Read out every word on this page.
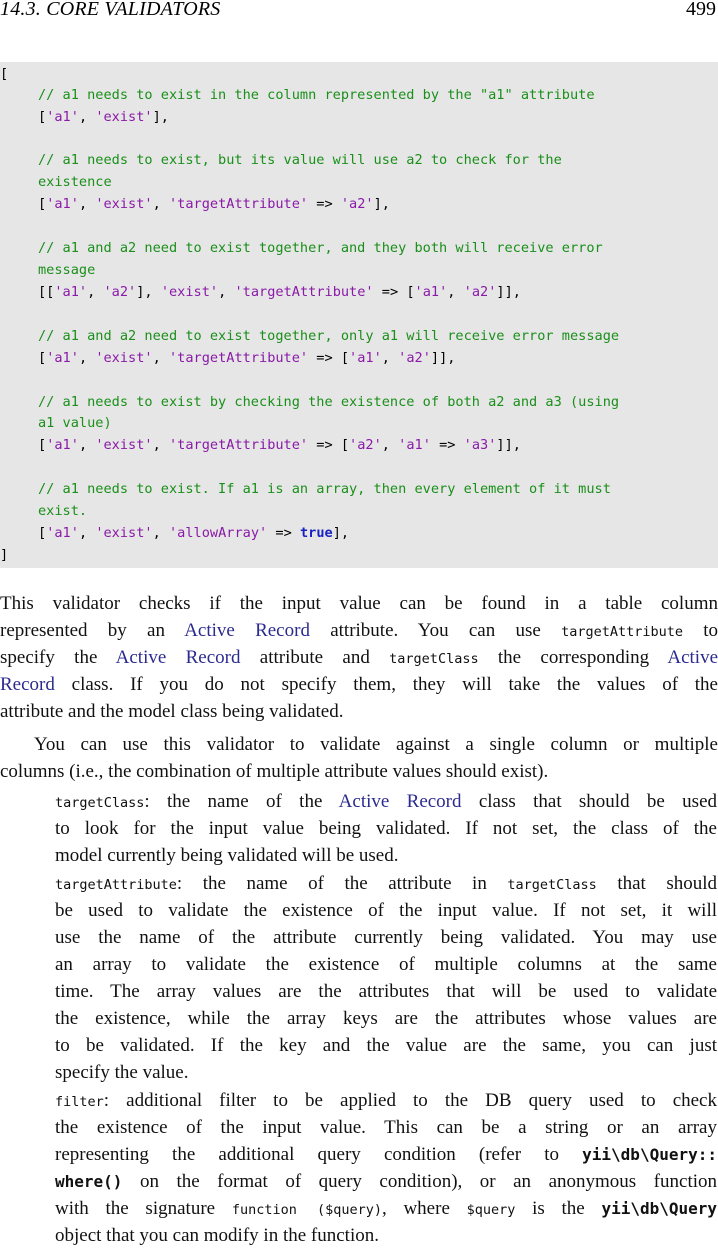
14.3. CORE VALIDATORS	499
[
// a1 needs to exist in the column represented by the "a1" attribute
['a1', 'exist'],
// a1 needs to exist, but its value will use a2 to check for the
existence
['a1', 'exist', 'targetAttribute' => 'a2'],
// a1 and a2 need to exist together, and they both will receive error
message
[['a1', 'a2'], 'exist', 'targetAttribute' => ['a1', 'a2']],
// a1 and a2 need to exist together, only a1 will receive error message
['a1', 'exist', 'targetAttribute' => ['a1', 'a2']],
// a1 needs to exist by checking the existence of both a2 and a3 (using
a1 value)
['a1', 'exist', 'targetAttribute' => ['a2', 'a1' => 'a3']],
// a1 needs to exist. If a1 is an array, then every element of it must
exist.
['a1', 'exist', 'allowArray' => true],
]
This validator checks if the input value can be found in a table column
represented by an Active Record attribute. You can use targetAttribute to
specify the Active Record attribute and targetClass the corresponding Active
Record class. If you do not specify them, they will take the values of the
attribute and the model class being validated.
You can use this validator to validate against a single column or multiple
columns (i.e., the combination of multiple attribute values should exist).
targetClass: the name of the Active Record class that should be used
to look for the input value being validated. If not set, the class of the
model currently being validated will be used.
targetAttribute: the name of the attribute in targetClass that should
be used to validate the existence of the input value. If not set, it will
use the name of the attribute currently being validated. You may use
an array to validate the existence of multiple columns at the same
time. The array values are the attributes that will be used to validate
the existence, while the array keys are the attributes whose values are
to be validated. If the key and the value are the same, you can just
specify the value.
filter: additional filter to be applied to the DB query used to check
the existence of the input value. This can be a string or an array
representing the additional query condition (refer to yii\db\Query::
where() on the format of query condition), or an anonymous function
with the signature function ($query), where $query is the yii\db\Query
object that you can modify in the function.
